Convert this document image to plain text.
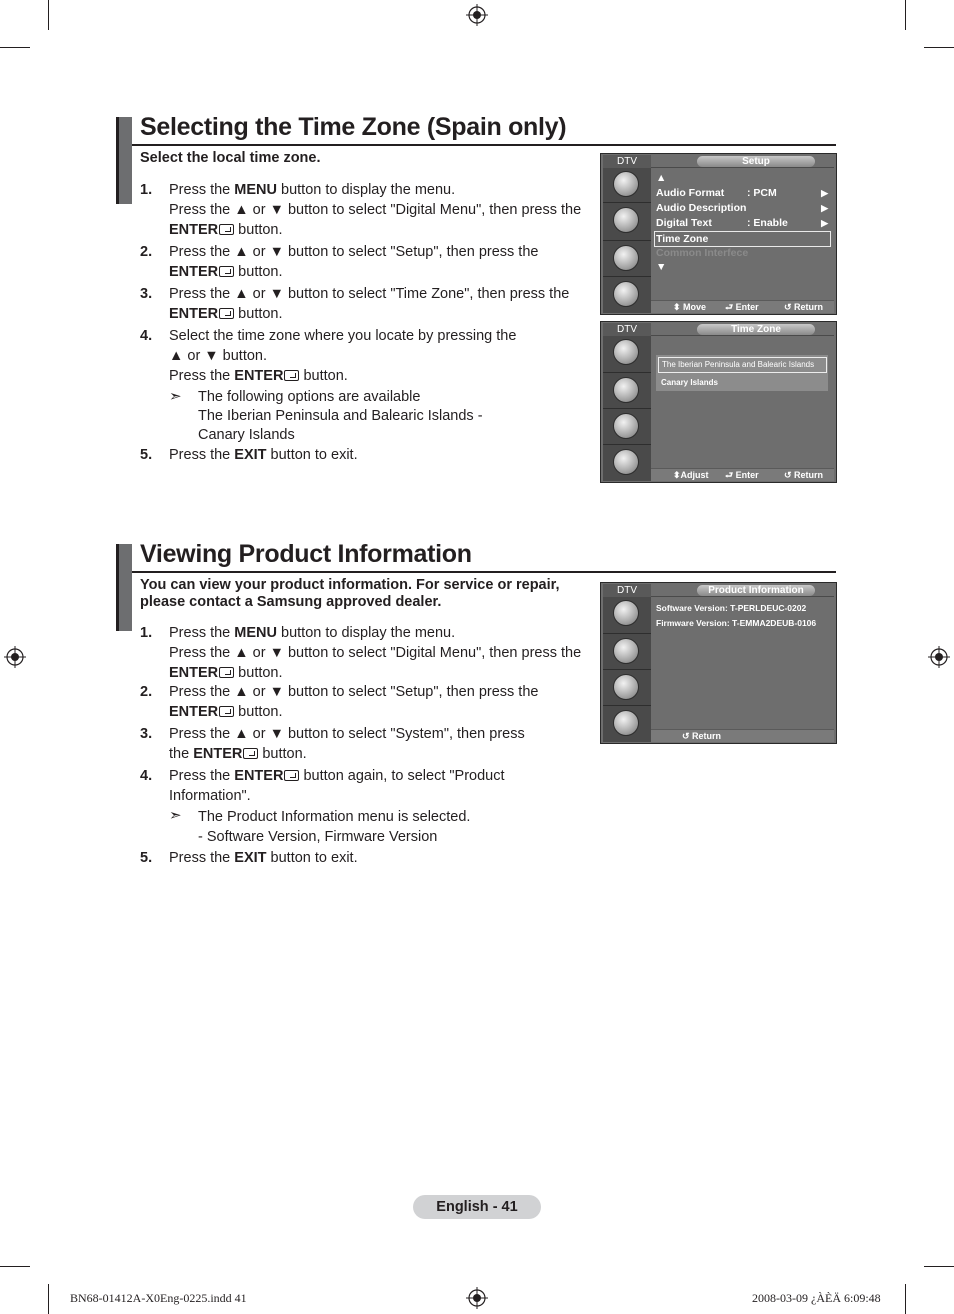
Selecting the Time Zone (Spain only)
Select the local time zone.
1. Press the MENU button to display the menu.
Press the ▲ or ▼ button to select "Digital Menu", then press the
ENTER button.
2. Press the ▲ or ▼ button to select "Setup", then press the
ENTER button.
3. Press the ▲ or ▼ button to select "Time Zone", then press the
ENTER button.
4. Select the time zone where you locate by pressing the
▲ or ▼ button.
Press the ENTER button.
➣ The following options are available
The Iberian Peninsula and Balearic Islands -
Canary Islands
5. Press the EXIT button to exit.
DTV	Setup
▲
Audio Format : PCM	▶
Audio Description	▶
Digital Text	: Enable	▶
Time Zone
Common Interfece
▼
⬍ Move ⮐ Enter	↺ Return
DTV	Time Zone
The Iberian Peninsula and Balearic Islands
Canary Islands
⬍Adjust ⮐ Enter	↺ Return
Viewing Product Information
You can view your product information. For service or repair,
please contact a Samsung approved dealer.
1. Press the MENU button to display the menu.
Press the ▲ or ▼ button to select "Digital Menu", then press the
ENTER button.
2. Press the ▲ or ▼ button to select "Setup", then press the
ENTER button.
3. Press the ▲ or ▼ button to select "System", then press
the ENTER button.
4. Press the ENTER button again, to select "Product
Information".
➣ The Product Information menu is selected.
- Software Version, Firmware Version
5. Press the EXIT button to exit.
DTV	Product Information
Software Version: T-PERLDEUC-0202
Firmware Version: T-EMMA2DEUB-0106
↺ Return
English - 41
BN68-01412A-X0Eng-0225.indd 41	2008-03-09 ¿ÀÈÄ 6:09:48
